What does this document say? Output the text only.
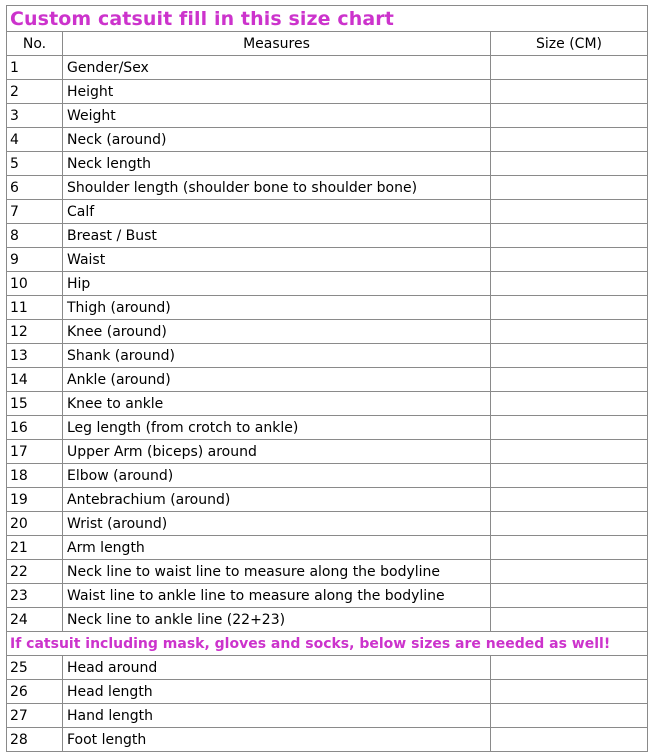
Custom catsuit fill in this size chart		
No.	Measures	Size (CM)
1	Gender/Sex	
2	Height	
3	Weight	
4	Neck (around)	
5	Neck length	
6	Shoulder length (shoulder bone to shoulder bone)	
7	Calf	
8	Breast / Bust	
9	Waist	
10	Hip	
11	Thigh (around)	
12	Knee (around)	
13	Shank (around)	
14	Ankle (around)	
15	Knee to ankle	
16	Leg length (from crotch to ankle)	
17	Upper Arm (biceps) around	
18	Elbow (around)	
19	Antebrachium (around)	
20	Wrist (around)	
21	Arm length	
22	Neck line to waist line to measure along the bodyline	
23	Waist line to ankle line to measure along the bodyline	
24	Neck line to ankle line (22+23)	
If catsuit including mask, gloves and socks, below sizes are needed as well!		
25	Head around	
26	Head length	
27	Hand length	
28	Foot length	
